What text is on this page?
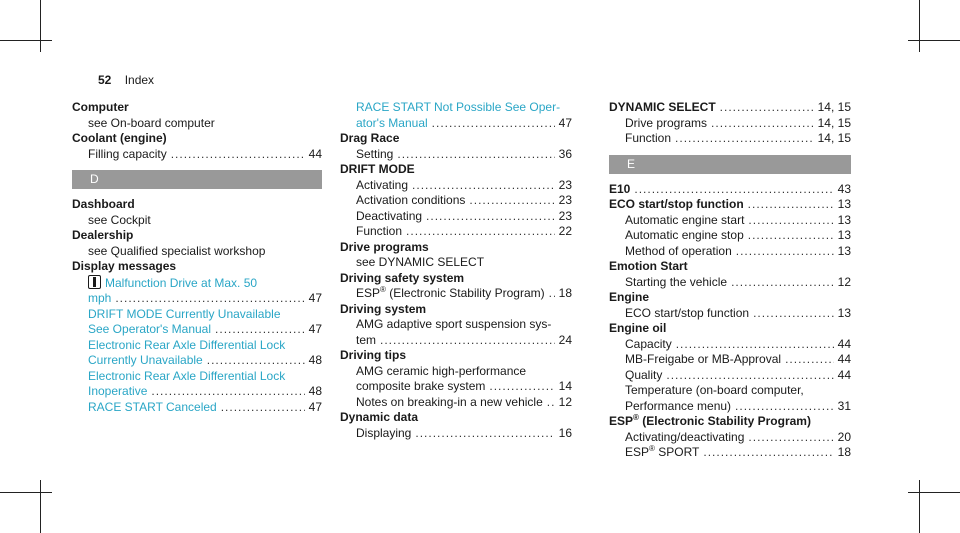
52 Index
Computer
see On-board computer
Coolant (engine)
Filling capacity .....	44
D
Dashboard
see Cockpit
Dealership
see Qualified specialist workshop
Display messages
Malfunction Drive at Max. 50
mph .....	47
DRIFT MODE Currently Unavailable
See Operator's Manual .....	47
Electronic Rear Axle Differential Lock
Currently Unavailable .....	48
Electronic Rear Axle Differential Lock
Inoperative .....	48
RACE START Canceled .....	47
RACE START Not Possible See Oper-
ator's Manual .....	47
Drag Race
Setting .....	36
DRIFT MODE
Activating .....	23
Activation conditions .....	23
Deactivating .....	23
Function .....	22
Drive programs
see DYNAMIC SELECT
Driving safety system
ESP® (Electronic Stability Program) ..... 18
Driving system
AMG adaptive sport suspension sys-
tem .....	24
Driving tips
AMG ceramic high-performance
composite brake system .....	14
Notes on breaking-in a new vehicle ..... 12
Dynamic data
Displaying .....	16
DYNAMIC SELECT .....	14, 15
Drive programs .....	14, 15
Function .....	14, 15
E
E10 .....	43
ECO start/stop function .....	13
Automatic engine start .....	13
Automatic engine stop .....	13
Method of operation .....	13
Emotion Start
Starting the vehicle .....	12
Engine
ECO start/stop function .....	13
Engine oil
Capacity .....	44
MB-Freigabe or MB-Approval .....	44
Quality .....	44
Temperature (on-board computer,
Performance menu) .....	31
ESP® (Electronic Stability Program)
Activating/deactivating .....	20
ESP® SPORT .....	18
